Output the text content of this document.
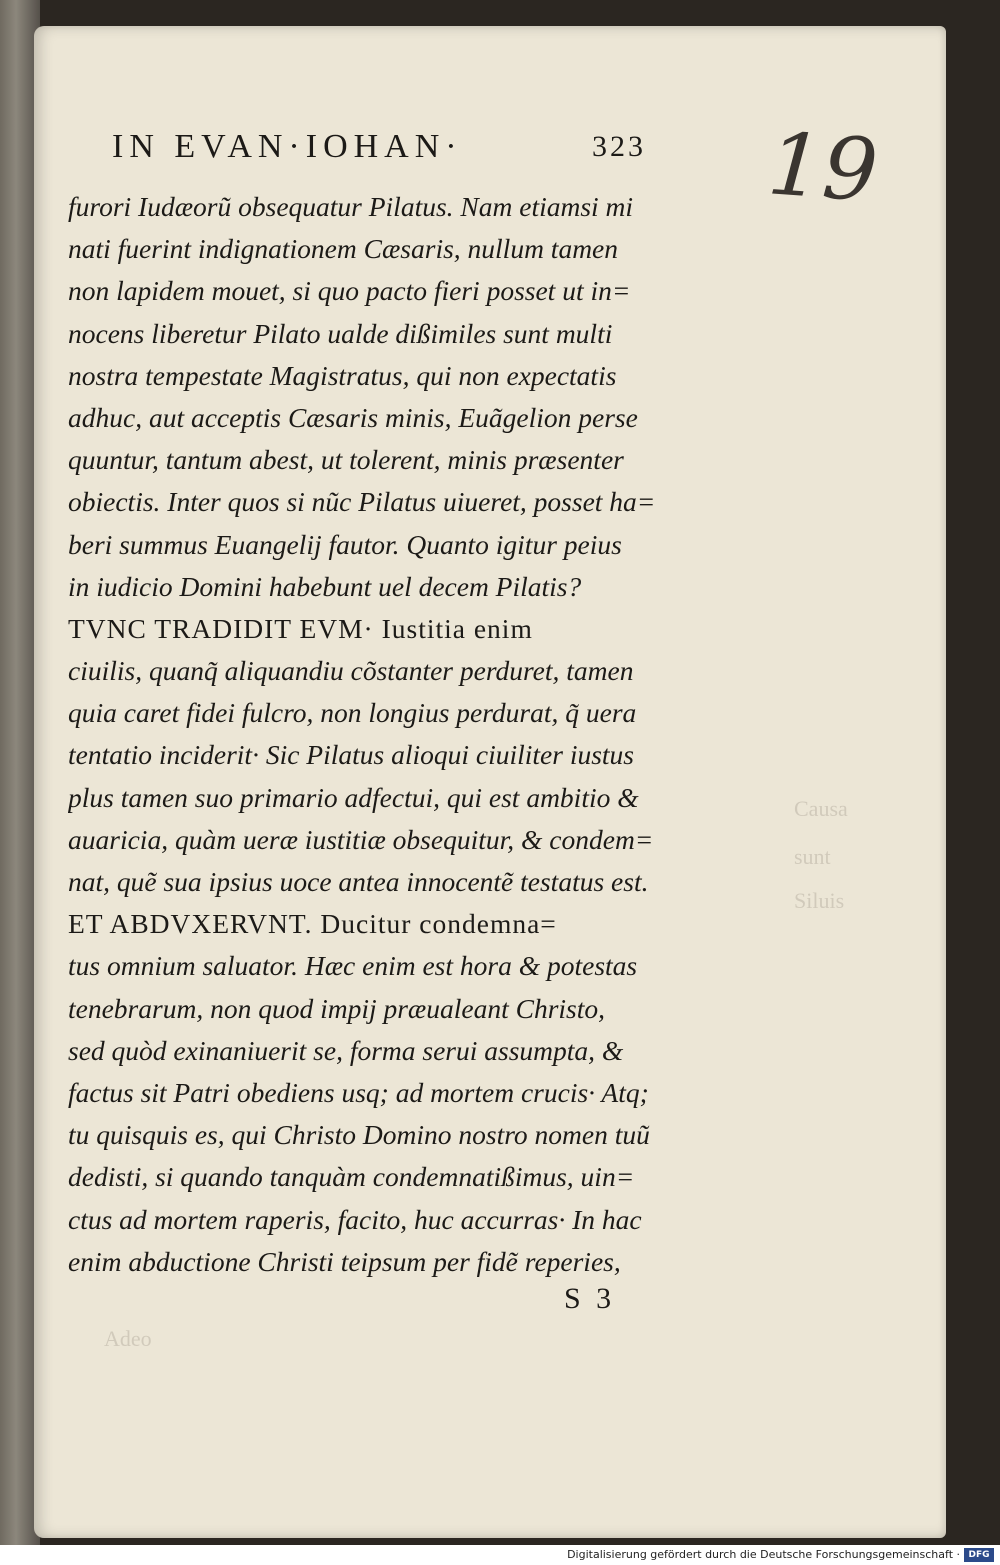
Causa
sunt
Siluis
Adeo
IN EVAN·IOHAN·	323 19
furori Iudæorũ obsequatur Pilatus. Nam etiamsi mi
nati fuerint indignationem Cæsaris, nullum tamen
non lapidem mouet, si quo pacto fieri posset ut in=
nocens liberetur Pilato ualde dißimiles sunt multi
nostra tempestate Magistratus, qui non expectatis
adhuc, aut acceptis Cæsaris minis, Euãgelion perse
quuntur, tantum abest, ut tolerent, minis præsenter
obiectis. Inter quos si nũc Pilatus uiueret, posset ha=
beri summus Euangelij fautor. Quanto igitur peius
in iudicio Domini habebunt uel decem Pilatis?
TVNC TRADIDIT EVM· Iustitia enim
ciuilis, quanq̃ aliquandiu cõstanter perduret, tamen
quia caret fidei fulcro, non longius perdurat, q̃ uera
tentatio inciderit· Sic Pilatus alioqui ciuiliter iustus
plus tamen suo primario adfectui, qui est ambitio &
auaricia, quàm ueræ iustitiæ obsequitur, & condem=
nat, quẽ sua ipsius uoce antea innocentẽ testatus est.
ET ABDVXERVNT. Ducitur condemna=
tus omnium saluator. Hæc enim est hora & potestas
tenebrarum, non quod impij præualeant Christo,
sed quòd exinaniuerit se, forma serui assumpta, &
factus sit Patri obediens usq; ad mortem crucis· Atq;
tu quisquis es, qui Christo Domino nostro nomen tuũ
dedisti, si quando tanquàm condemnatißimus, uin=
ctus ad mortem raperis, facito, huc accurras· In hac
enim abductione Christi teipsum per fidẽ reperies,
S 3
Digitalisierung gefördert durch die Deutsche Forschungsgemeinschaft · DFG
